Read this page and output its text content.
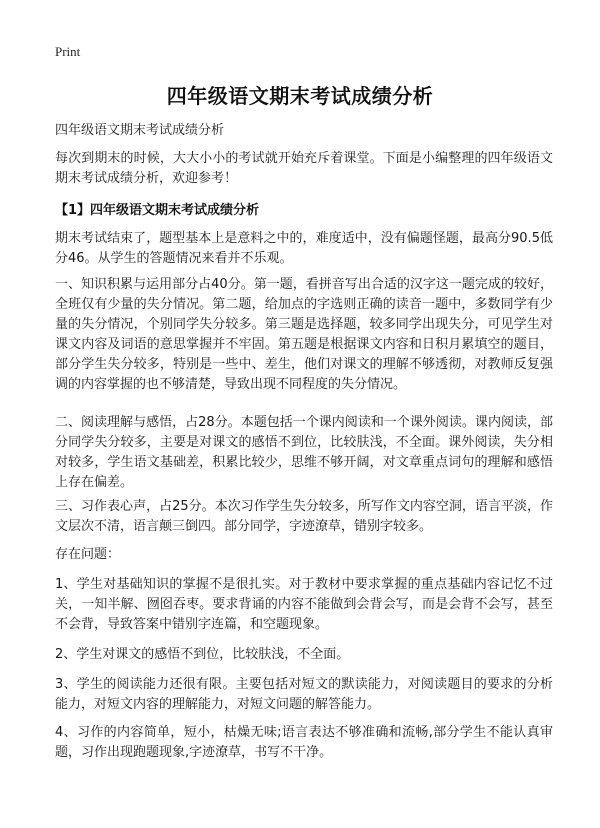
Print
四年级语文期末考试成绩分析
四年级语文期末考试成绩分析
每次到期末的时候，大大小小的考试就开始充斥着课堂。下面是小编整理的四年级语文期末考试成绩分析，欢迎参考！
【1】四年级语文期末考试成绩分析
期末考试结束了，题型基本上是意料之中的，难度适中，没有偏题怪题，最高分90.5低分46。从学生的答题情况来看并不乐观。
一、知识积累与运用部分占40分。第一题，看拼音写出合适的汉字这一题完成的较好，全班仅有少量的失分情况。第二题，给加点的字选则正确的读音一题中，多数同学有少量的失分情况，个别同学失分较多。第三题是选择题，较多同学出现失分，可见学生对课文内容及词语的意思掌握并不牢固。第五题是根据课文内容和日积月累填空的题目，部分学生失分较多，特别是一些中、差生，他们对课文的理解不够透彻，对教师反复强调的内容掌握的也不够清楚，导致出现不同程度的失分情况。
二、阅读理解与感悟，占28分。本题包括一个课内阅读和一个课外阅读。课内阅读，部分同学失分较多，主要是对课文的感悟不到位，比较肤浅，不全面。课外阅读，失分相对较多，学生语文基础差，积累比较少，思维不够开阔，对文章重点词句的理解和感悟上存在偏差。
三、习作表心声，占25分。本次习作学生失分较多，所写作文内容空洞，语言平淡，作文层次不清，语言颠三倒四。部分同学，字迹潦草，错别字较多。
存在问题：
1、学生对基础知识的掌握不是很扎实。对于教材中要求掌握的重点基础内容记忆不过关，一知半解、囫囵吞枣。要求背诵的内容不能做到会背会写，而是会背不会写，甚至不会背，导致答案中错别字连篇，和空题现象。
2、学生对课文的感悟不到位，比较肤浅，不全面。
3、学生的阅读能力还很有限。主要包括对短文的默读能力，对阅读题目的要求的分析能力，对短文内容的理解能力，对短文问题的解答能力。
4、习作的内容简单，短小，枯燥无味;语言表达不够准确和流畅,部分学生不能认真审题，习作出现跑题现象,字迹潦草，书写不干净。
